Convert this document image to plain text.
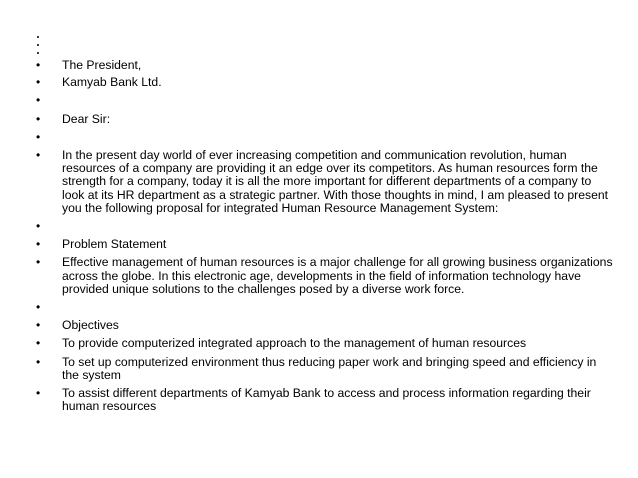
•	The President,
•	Kamyab Bank Ltd.
•
•	Dear Sir:
•
•	In the present day world of ever increasing competition and communication revolution, human resources of a company are providing it an edge over its competitors. As human resources form the strength for a company, today it is all the more important for different departments of a company to look at its HR department as a strategic partner. With those thoughts in mind, I am pleased to present you the following proposal for integrated Human Resource Management System:
•
•	Problem Statement
•	Effective management of human resources is a major challenge for all growing business organizations across the globe. In this electronic age, developments in the field of information technology have provided unique solutions to the challenges posed by a diverse work force.
•
•	Objectives
•	To provide computerized integrated approach to the management of human resources
•	To set up computerized environment thus reducing paper work and bringing speed and efficiency in the system
•	To assist different departments of Kamyab Bank to access and process information regarding their human resources
